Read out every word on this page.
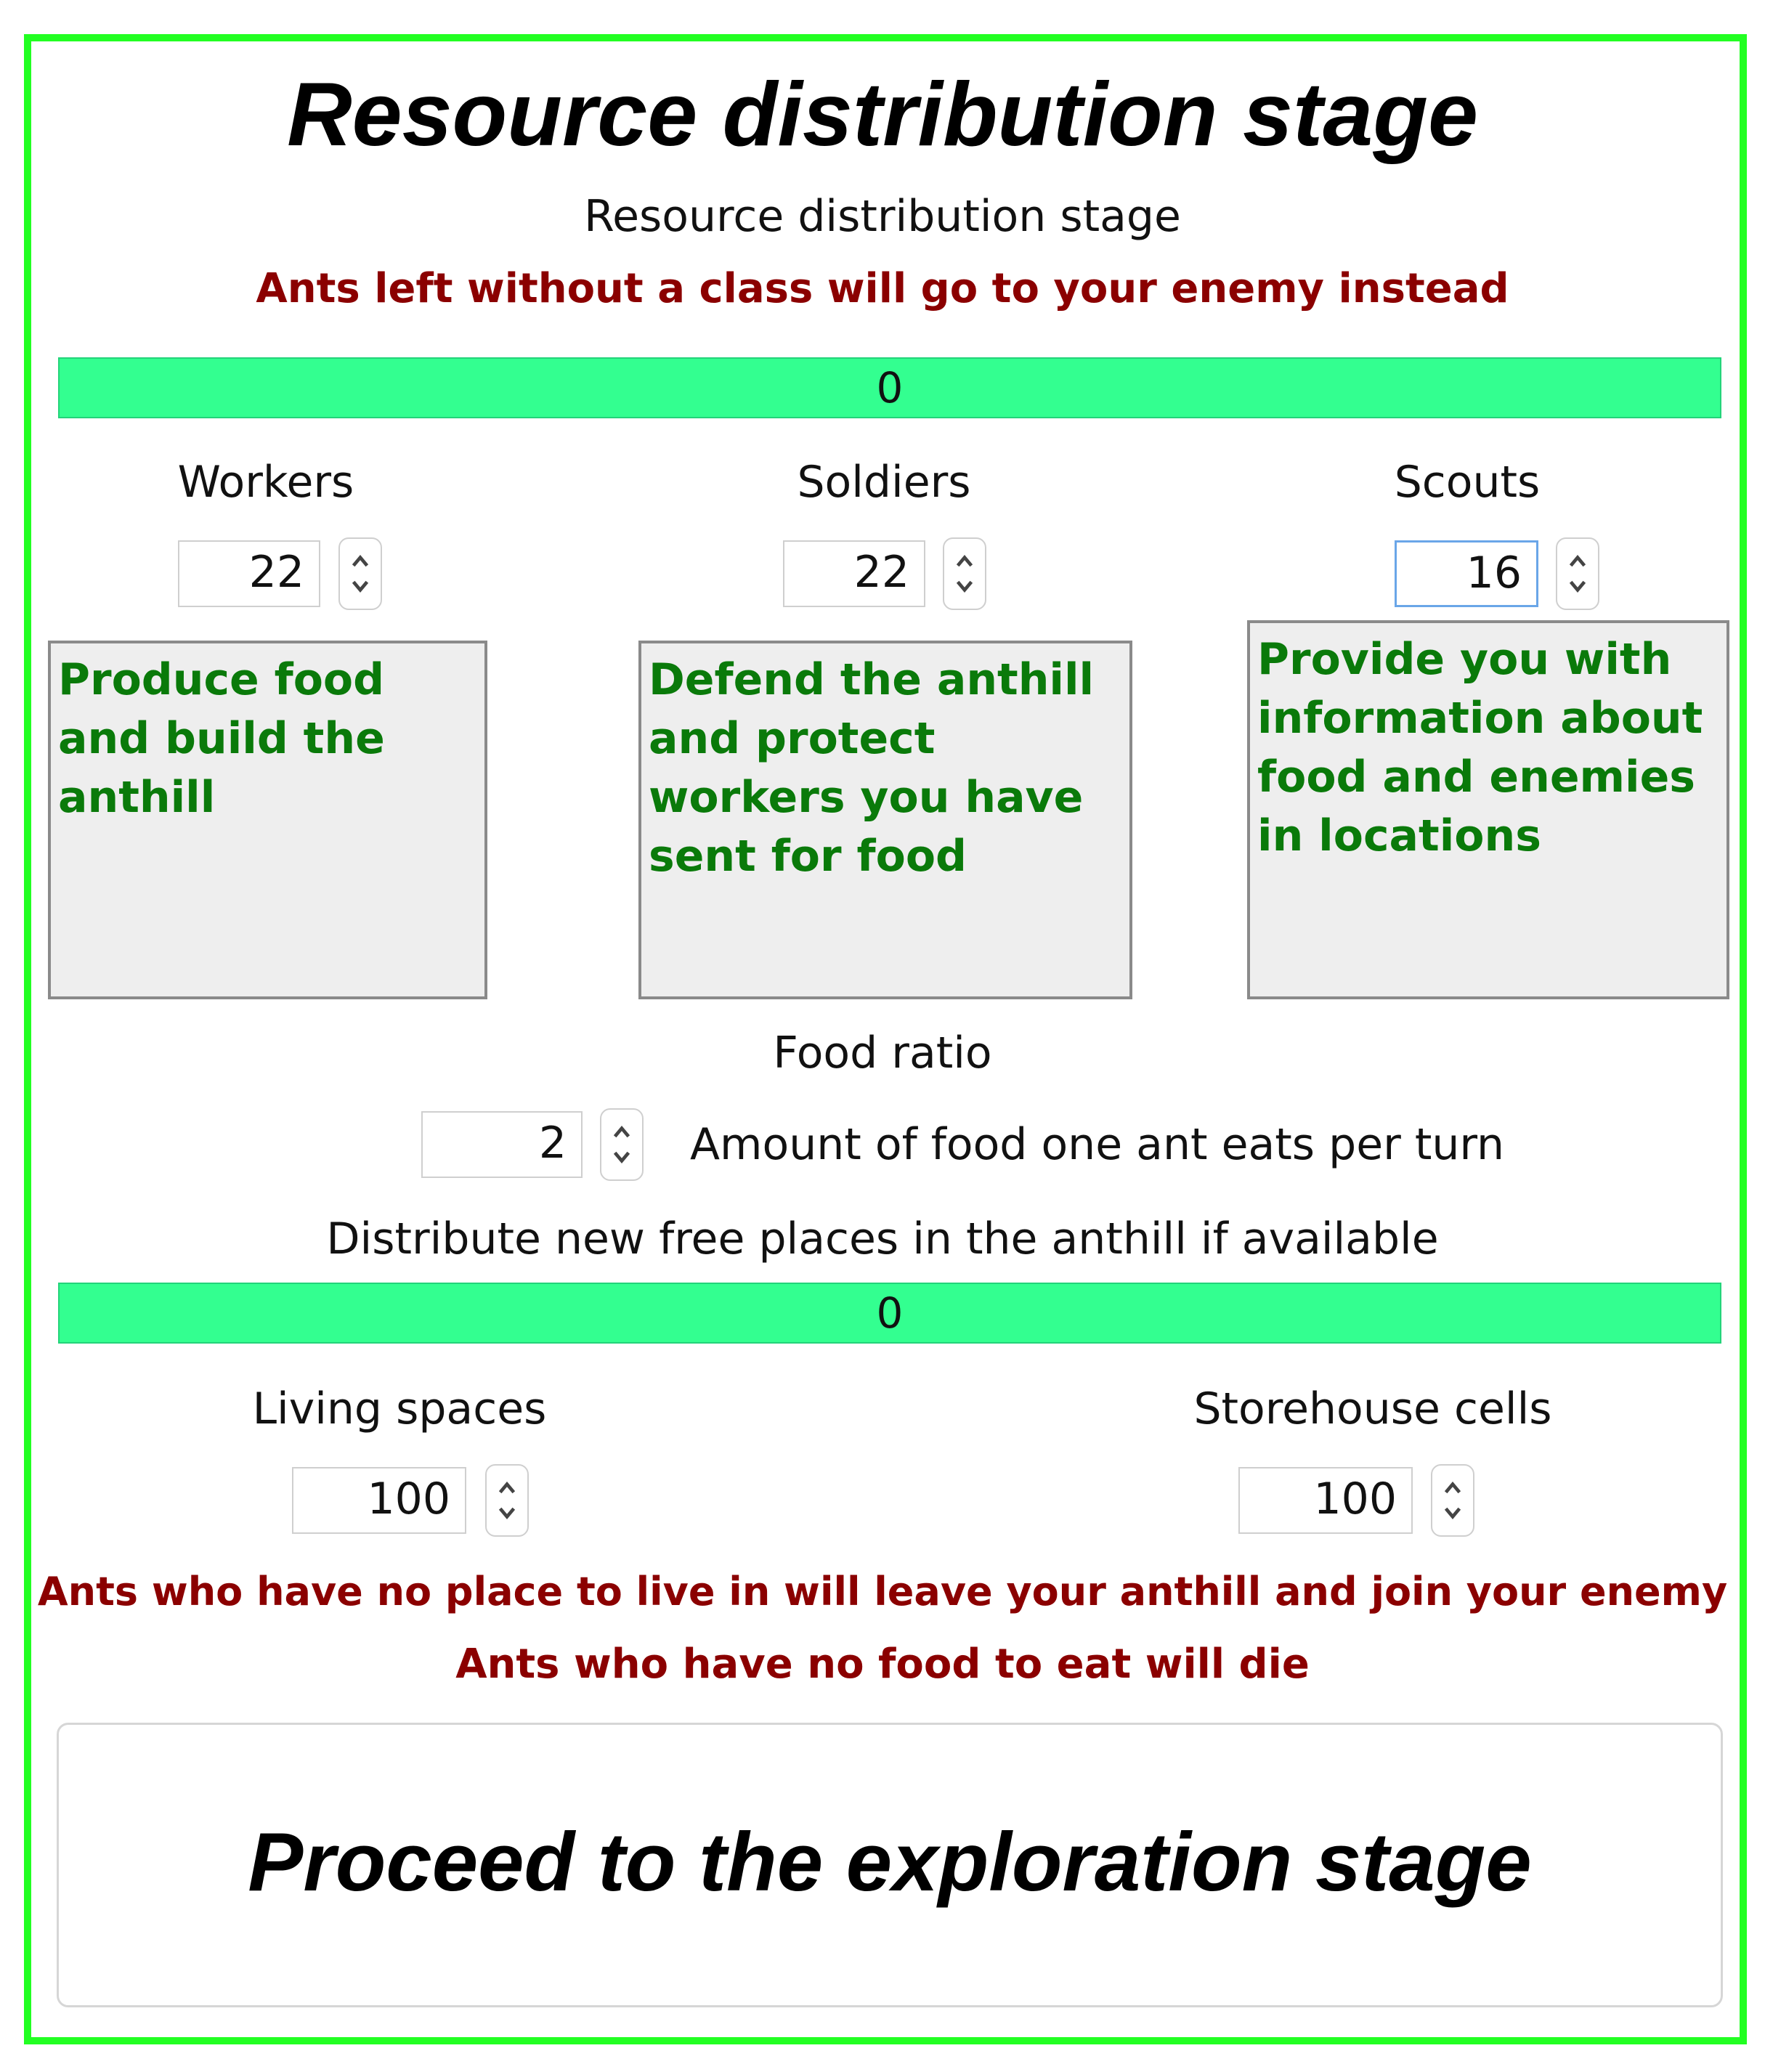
Resource distribution stage
Resource distribution stage
Ants left without a class will go to your enemy instead
0
Workers
22
Produce food and build the anthill
Soldiers
22
Defend the anthill and protect workers you have sent for food
Scouts
16
Provide you with information about food and enemies in locations
Food ratio
2	Amount of food one ant eats per turn
Distribute new free places in the anthill if available
0
Living spaces
100
Storehouse cells
100
Ants who have no place to live in will leave your anthill and join your enemy
Ants who have no food to eat will die
Proceed to the exploration stage
